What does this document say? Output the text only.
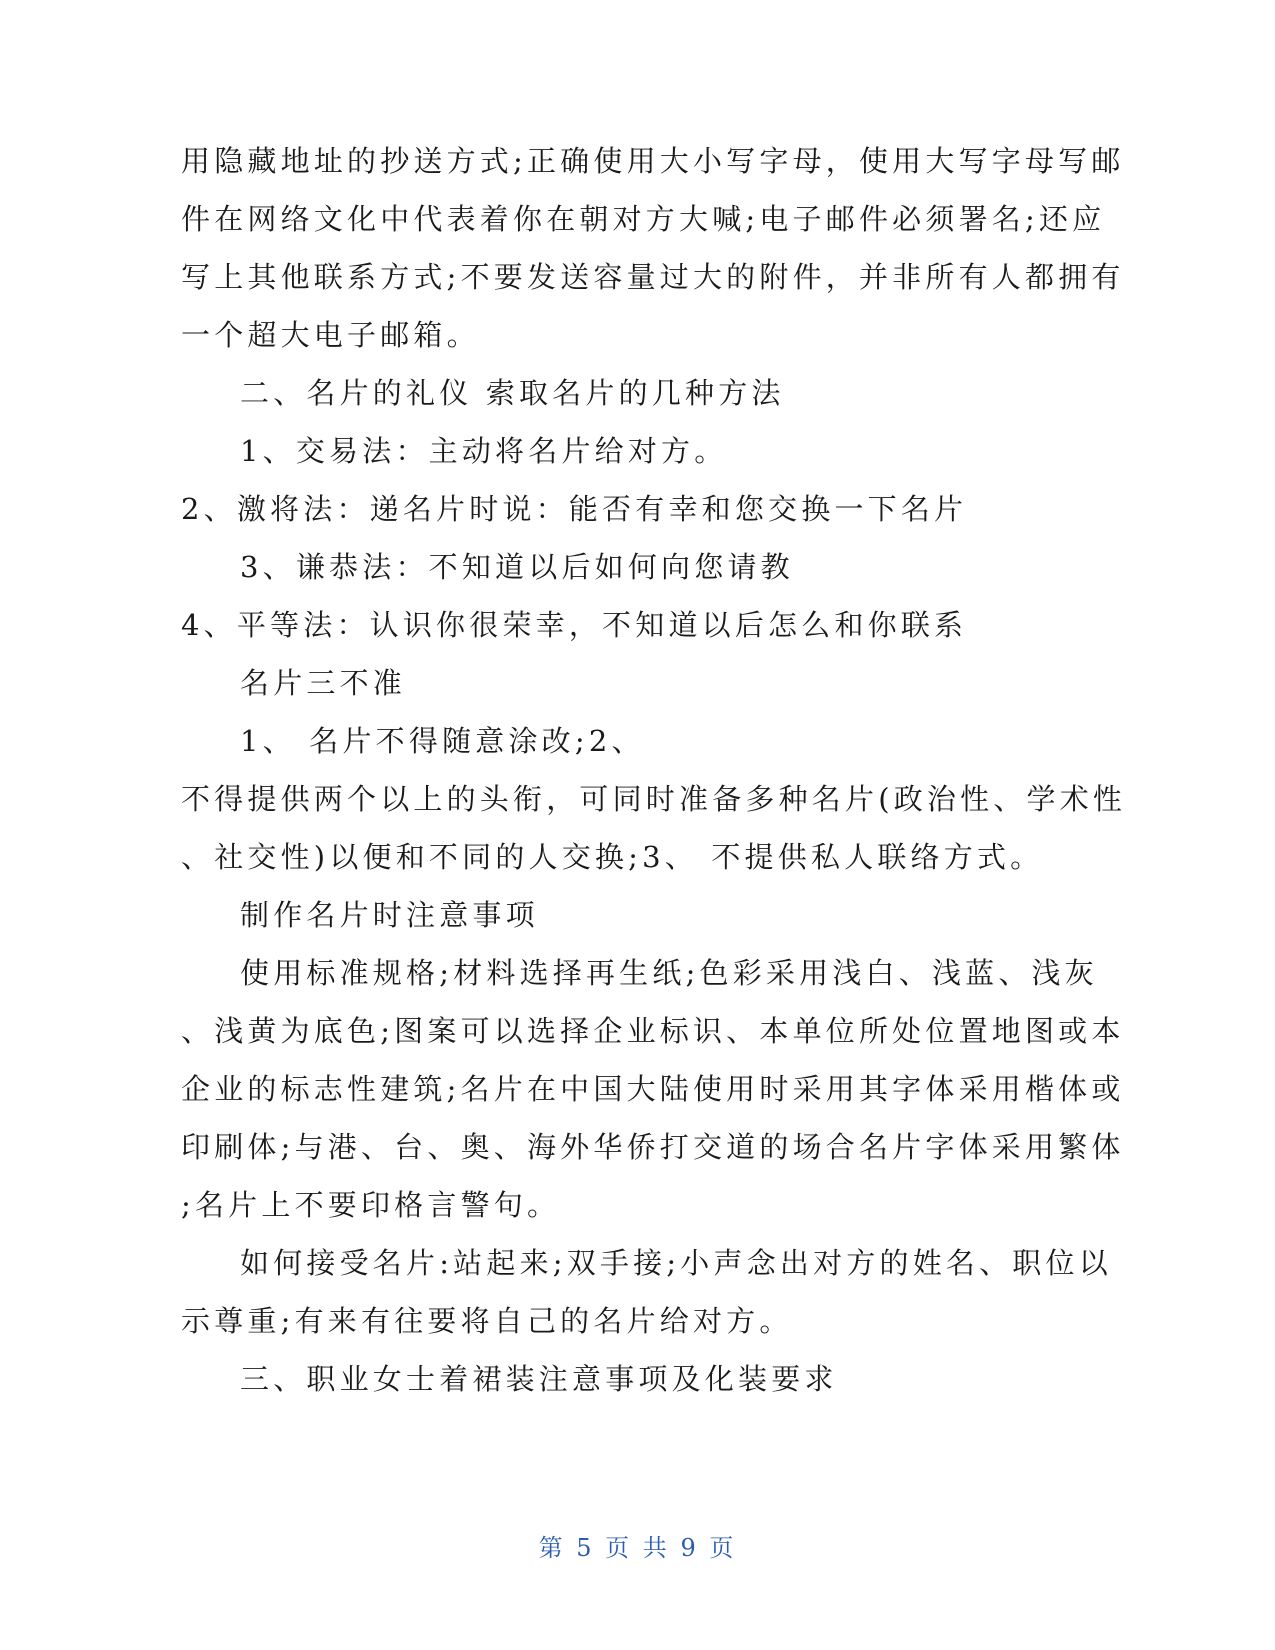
用隐藏地址的抄送方式;正确使用大小写字母，使用大写字母写邮

件在网络文化中代表着你在朝对方大喊;电子邮件必须署名;还应

写上其他联系方式;不要发送容量过大的附件，并非所有人都拥有

一个超大电子邮箱。

二、名片的礼仪 索取名片的几种方法

1、交易法：主动将名片给对方。

2、激将法：递名片时说：能否有幸和您交换一下名片

3、谦恭法：不知道以后如何向您请教

4、平等法：认识你很荣幸，不知道以后怎么和你联系

名片三不准

1、 名片不得随意涂改;2、

不得提供两个以上的头衔，可同时准备多种名片(政治性、学术性

、社交性)以便和不同的人交换;3、 不提供私人联络方式。

制作名片时注意事项

使用标准规格;材料选择再生纸;色彩采用浅白、浅蓝、浅灰

、浅黄为底色;图案可以选择企业标识、本单位所处位置地图或本

企业的标志性建筑;名片在中国大陆使用时采用其字体采用楷体或

印刷体;与港、台、奥、海外华侨打交道的场合名片字体采用繁体

;名片上不要印格言警句。

如何接受名片:站起来;双手接;小声念出对方的姓名、职位以

示尊重;有来有往要将自己的名片给对方。

三、职业女士着裙装注意事项及化装要求

第 5 页 共 9 页
